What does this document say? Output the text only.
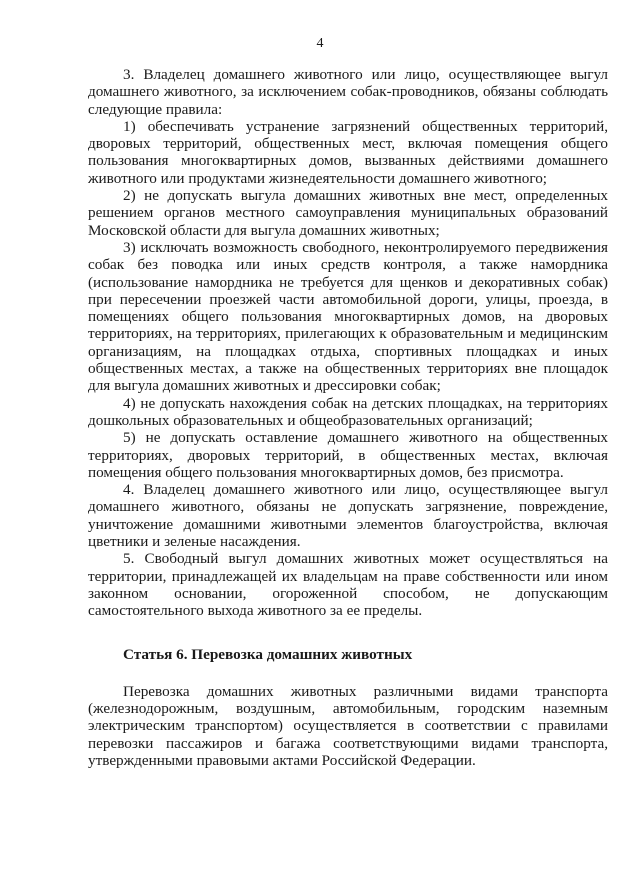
4

3. Владелец домашнего животного или лицо, осуществляющее выгул домашнего животного, за исключением собак-проводников, обязаны соблюдать следующие правила:

1) обеспечивать устранение загрязнений общественных территорий, дворовых территорий, общественных мест, включая помещения общего пользования многоквартирных домов, вызванных действиями домашнего животного или продуктами жизнедеятельности домашнего животного;

2) не допускать выгула домашних животных вне мест, определенных решением органов местного самоуправления муниципальных образований Московской области для выгула домашних животных;

3) исключать возможность свободного, неконтролируемого передвижения собак без поводка или иных средств контроля, а также намордника (использование намордника не требуется для щенков и декоративных собак) при пересечении проезжей части автомобильной дороги, улицы, проезда, в помещениях общего пользования многоквартирных домов, на дворовых территориях, на территориях, прилегающих к образовательным и медицинским организациям, на площадках отдыха, спортивных площадках и иных общественных местах, а также на общественных территориях вне площадок для выгула домашних животных и дрессировки собак;

4) не допускать нахождения собак на детских площадках, на территориях дошкольных образовательных и общеобразовательных организаций;

5) не допускать оставление домашнего животного на общественных территориях, дворовых территорий, в общественных местах, включая помещения общего пользования многоквартирных домов, без присмотра.

4. Владелец домашнего животного или лицо, осуществляющее выгул домашнего животного, обязаны не допускать загрязнение, повреждение, уничтожение домашними животными элементов благоустройства, включая цветники и зеленые насаждения.

5. Свободный выгул домашних животных может осуществляться на территории, принадлежащей их владельцам на праве собственности или ином законном основании, огороженной способом, не допускающим самостоятельного выхода животного за ее пределы.

Статья 6. Перевозка домашних животных

Перевозка домашних животных различными видами транспорта (железнодорожным, воздушным, автомобильным, городским наземным электрическим транспортом) осуществляется в соответствии с правилами перевозки пассажиров и багажа соответствующими видами транспорта, утвержденными правовыми актами Российской Федерации.
